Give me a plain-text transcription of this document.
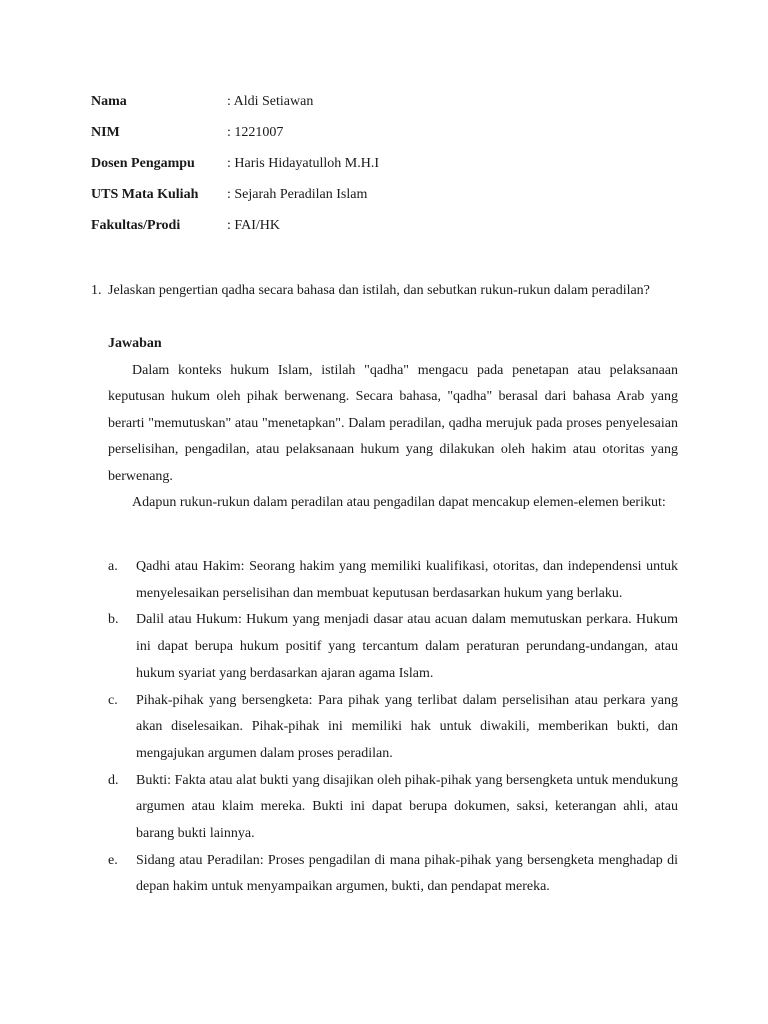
Nama	: Aldi Setiawan
NIM	: 1221007
Dosen Pengampu	: Haris Hidayatulloh M.H.I
UTS Mata Kuliah	: Sejarah Peradilan Islam
Fakultas/Prodi	: FAI/HK
1. Jelaskan pengertian qadha secara bahasa dan istilah, dan sebutkan rukun-rukun dalam peradilan?
Jawaban

Dalam konteks hukum Islam, istilah "qadha" mengacu pada penetapan atau pelaksanaan keputusan hukum oleh pihak berwenang. Secara bahasa, "qadha" berasal dari bahasa Arab yang berarti "memutuskan" atau "menetapkan". Dalam peradilan, qadha merujuk pada proses penyelesaian perselisihan, pengadilan, atau pelaksanaan hukum yang dilakukan oleh hakim atau otoritas yang berwenang.

Adapun rukun-rukun dalam peradilan atau pengadilan dapat mencakup elemen-elemen berikut:

a.	Qadhi atau Hakim: Seorang hakim yang memiliki kualifikasi, otoritas, dan independensi untuk menyelesaikan perselisihan dan membuat keputusan berdasarkan hukum yang berlaku.
b.	Dalil atau Hukum: Hukum yang menjadi dasar atau acuan dalam memutuskan perkara. Hukum ini dapat berupa hukum positif yang tercantum dalam peraturan perundang-undangan, atau hukum syariat yang berdasarkan ajaran agama Islam.
c.	Pihak-pihak yang bersengketa: Para pihak yang terlibat dalam perselisihan atau perkara yang akan diselesaikan. Pihak-pihak ini memiliki hak untuk diwakili, memberikan bukti, dan mengajukan argumen dalam proses peradilan.
d.	Bukti: Fakta atau alat bukti yang disajikan oleh pihak-pihak yang bersengketa untuk mendukung argumen atau klaim mereka. Bukti ini dapat berupa dokumen, saksi, keterangan ahli, atau barang bukti lainnya.
e.	Sidang atau Peradilan: Proses pengadilan di mana pihak-pihak yang bersengketa menghadap di depan hakim untuk menyampaikan argumen, bukti, dan pendapat mereka.
